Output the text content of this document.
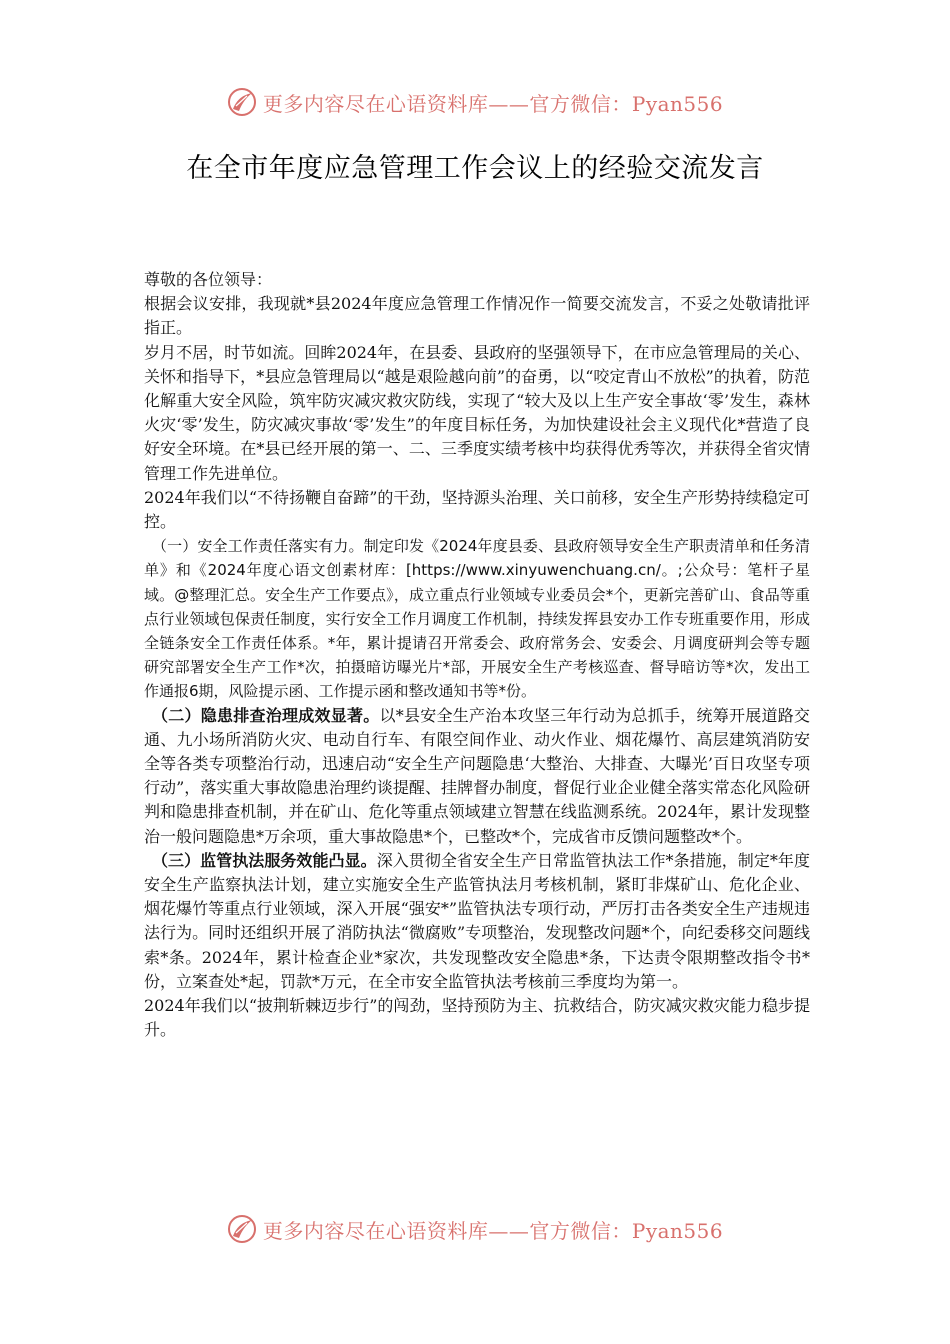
更多内容尽在心语资料库——官方微信：Pyan556
在全市年度应急管理工作会议上的经验交流发言

尊敬的各位领导：

根据会议安排，我现就*县2024年度应急管理工作情况作一简要交流发言，不妥之处敬请批评指正。

岁月不居，时节如流。回眸2024年，在县委、县政府的坚强领导下，在市应急管理局的关心、关怀和指导下，*县应急管理局以“越是艰险越向前”的奋勇，以“咬定青山不放松”的执着，防范化解重大安全风险，筑牢防灾减灾救灾防线，实现了“较大及以上生产安全事故‘零’发生，森林火灾‘零’发生，防灾减灾事故‘零’发生”的年度目标任务，为加快建设社会主义现代化*营造了良好安全环境。在*县已经开展的第一、二、三季度实绩考核中均获得优秀等次，并获得全省灾情管理工作先进单位。

2024年我们以“不待扬鞭自奋蹄”的干劲，坚持源头治理、关口前移，安全生产形势持续稳定可控。

（一）安全工作责任落实有力。制定印发《2024年度县委、县政府领导安全生产职责清单和任务清单》和《2024年度心语文创素材库：[https://www.xinyuwenchuang.cn/。;公众号：笔杆子星域。@整理汇总。安全生产工作要点》，成立重点行业领域专业委员会*个，更新完善矿山、食品等重点行业领域包保责任制度，实行安全工作月调度工作机制，持续发挥县安办工作专班重要作用，形成全链条安全工作责任体系。*年，累计提请召开常委会、政府常务会、安委会、月调度研判会等专题研究部署安全生产工作*次，拍摄暗访曝光片*部，开展安全生产考核巡查、督导暗访等*次，发出工作通报6期，风险提示函、工作提示函和整改通知书等*份。

（二）隐患排查治理成效显著。以*县安全生产治本攻坚三年行动为总抓手，统筹开展道路交通、九小场所消防火灾、电动自行车、有限空间作业、动火作业、烟花爆竹、高层建筑消防安全等各类专项整治行动，迅速启动“安全生产问题隐患‘大整治、大排查、大曝光’百日攻坚专项行动”，落实重大事故隐患治理约谈提醒、挂牌督办制度，督促行业企业健全落实常态化风险研判和隐患排查机制，并在矿山、危化等重点领域建立智慧在线监测系统。2024年，累计发现整治一般问题隐患*万余项，重大事故隐患*个，已整改*个，完成省市反馈问题整改*个。

（三）监管执法服务效能凸显。深入贯彻全省安全生产日常监管执法工作*条措施，制定*年度安全生产监察执法计划，建立实施安全生产监管执法月考核机制，紧盯非煤矿山、危化企业、烟花爆竹等重点行业领域，深入开展“强安*”监管执法专项行动，严厉打击各类安全生产违规违法行为。同时还组织开展了消防执法“微腐败”专项整治，发现整改问题*个，向纪委移交问题线索*条。2024年，累计检查企业*家次，共发现整改安全隐患*条，下达责令限期整改指令书*份，立案查处*起，罚款*万元，在全市安全监管执法考核前三季度均为第一。

2024年我们以“披荆斩棘迈步行”的闯劲，坚持预防为主、抗救结合，防灾减灾救灾能力稳步提升。

更多内容尽在心语资料库——官方微信：Pyan556
